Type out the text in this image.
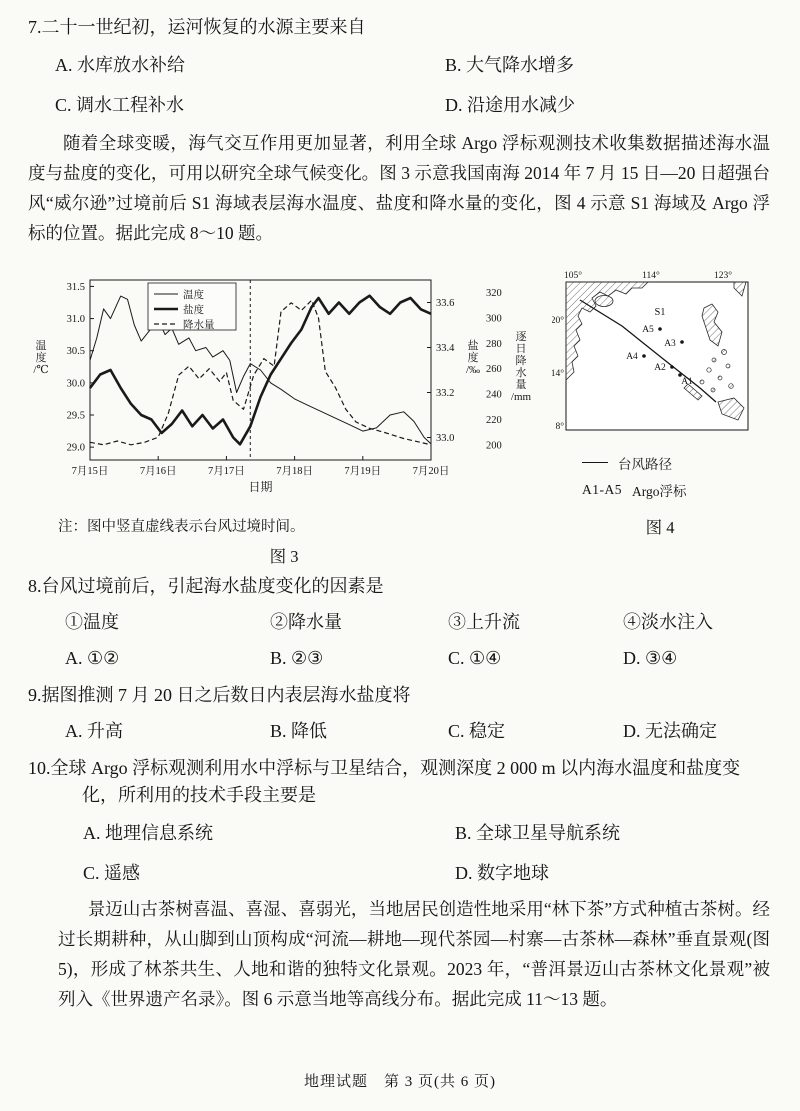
7.二十一世纪初，运河恢复的水源主要来自
A. 水库放水补给	B. 大气降水增多
C. 调水工程补水	D. 沿途用水减少

随着全球变暖，海气交互作用更加显著，利用全球 Argo 浮标观测技术收集数据描述海水温度与盐度的变化，可用以研究全球气候变化。图 3 示意我国南海 2014 年 7 月 15 日—20 日超强台风“威尔逊”过境前后 S1 海域表层海水温度、盐度和降水量的变化，图 4 示意 S1 海域及 Argo 浮标的位置。据此完成 8～10 题。

29.0
29.5
30.0
30.5
31.0
31.5
33.0
33.2
33.4
33.6
200
220
240
260
280
300
320
7月15日	7月16日	7月17日	7月18日	7月19日	7月20日
日期
温度/℃
盐度/‰
逐日降水量/mm
温度
盐度
降水量
注：图中竖直虚线表示台风过境时间。
图 3
105°	114°	123°
20°
14°
8°
S1
A5
A3
A4
A2
A1
台风路径
A1-A5 Argo浮标
图 4
8.台风过境前后，引起海水盐度变化的因素是
①温度	②降水量	③上升流	④淡水注入
A. ①②	B. ②③	C. ①④	D. ③④
9.据图推测 7 月 20 日之后数日内表层海水盐度将
A. 升高	B. 降低	C. 稳定	D. 无法确定
10.全球 Argo 浮标观测利用水中浮标与卫星结合，观测深度 2 000 m 以内海水温度和盐度变化，所利用的技术手段主要是
A. 地理信息系统	B. 全球卫星导航系统
C. 遥感	D. 数字地球

景迈山古茶树喜温、喜湿、喜弱光，当地居民创造性地采用“林下茶”方式种植古茶树。经过长期耕种，从山脚到山顶构成“河流—耕地—现代茶园—村寨—古茶林—森林”垂直景观(图 5)，形成了林茶共生、人地和谐的独特文化景观。2023 年，“普洱景迈山古茶林文化景观”被列入《世界遗产名录》。图 6 示意当地等高线分布。据此完成 11～13 题。

地理试题　第 3 页(共 6 页)
